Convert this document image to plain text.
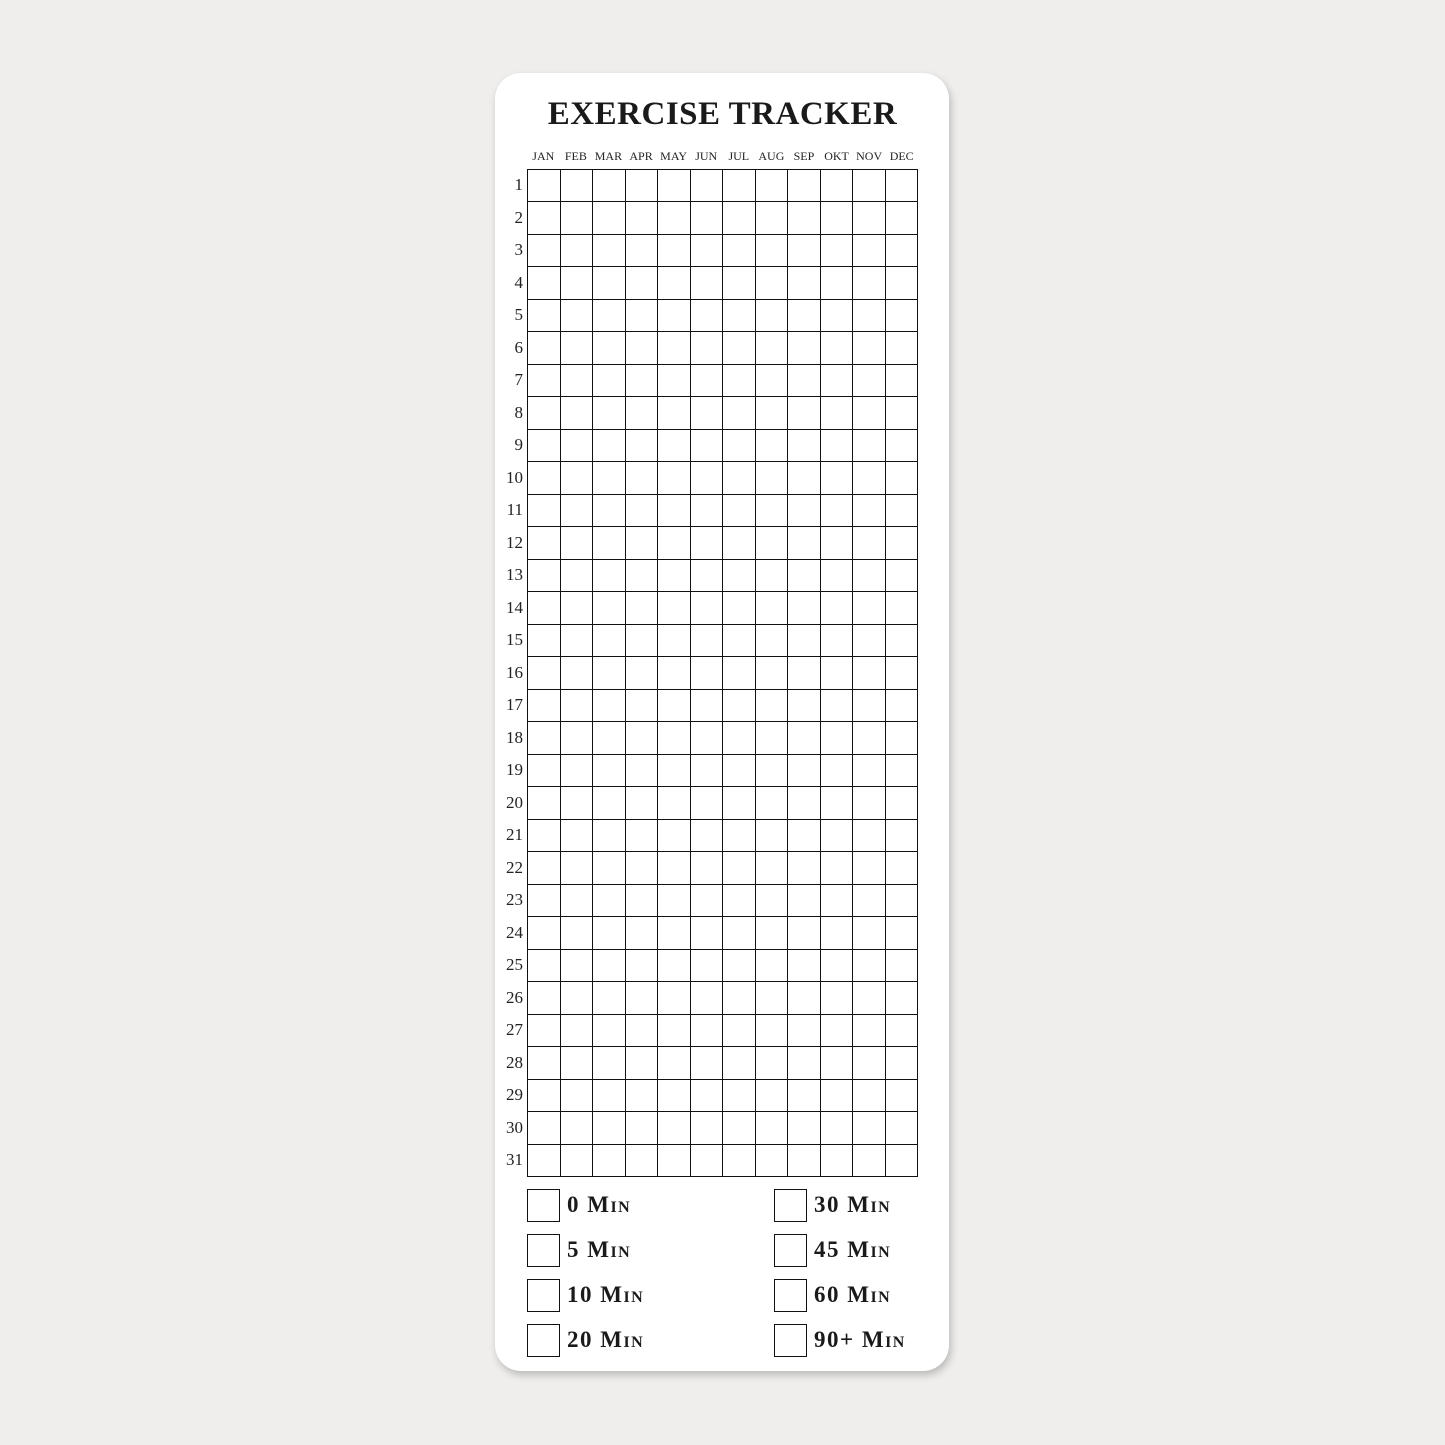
EXERCISE TRACKER
JAN FEB MAR APR MAY JUN JUL AUG SEP OKT NOV DEC
1
2
3
4
5
6
7
8
9
10
11
12
13
14
15
16
17
18
19
20
21
22
23
24
25
26
27
28
29
30
31
0 Min
5 Min
10 Min
20 Min
30 Min
45 Min
60 Min
90+ Min
